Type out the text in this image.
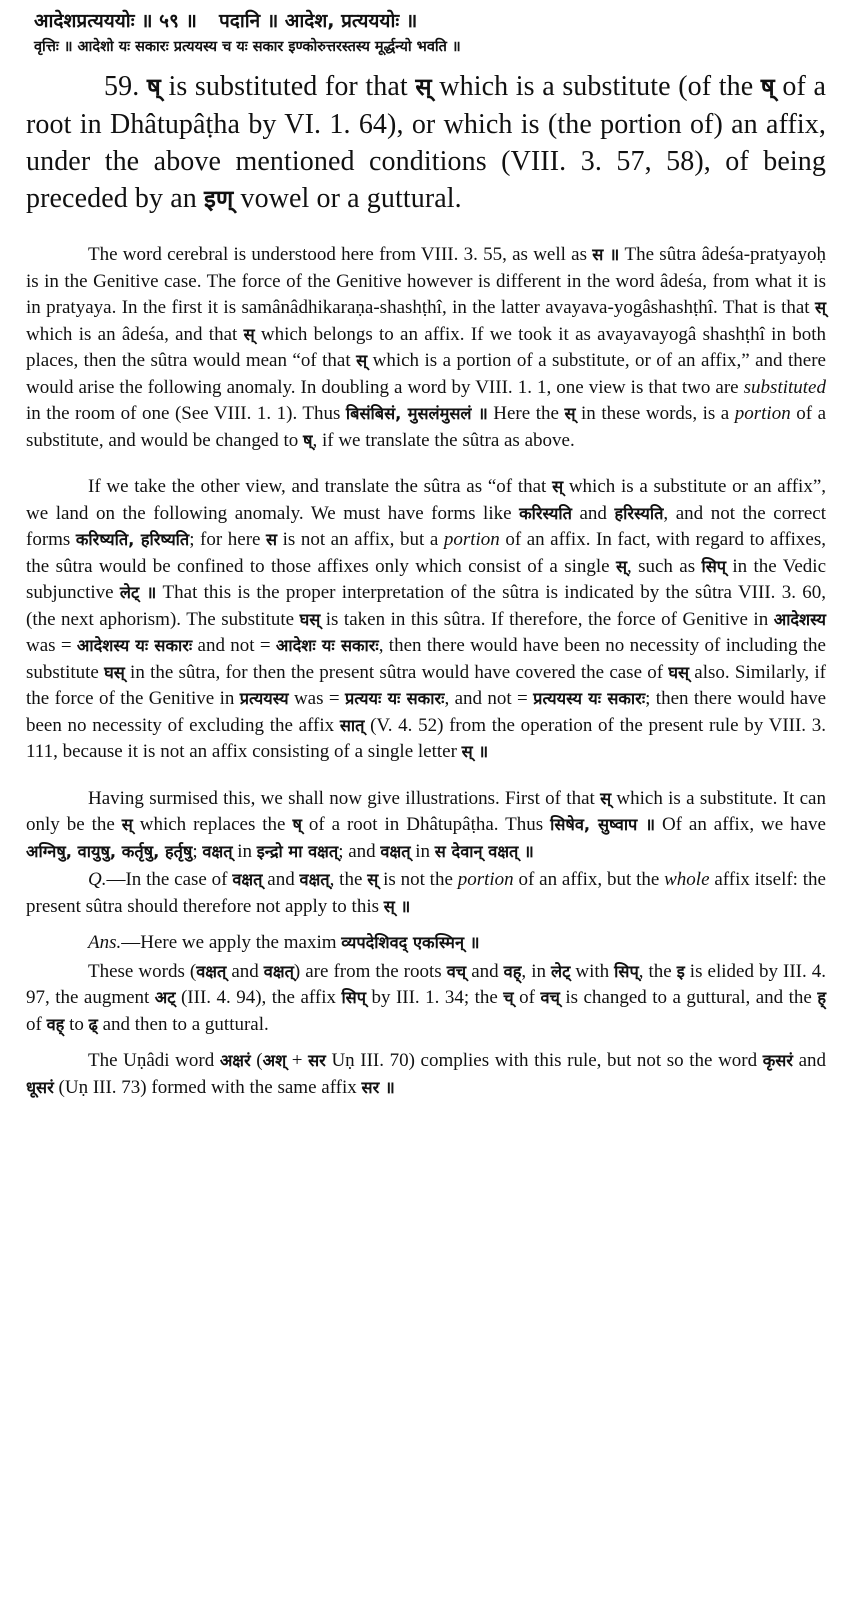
आदेशप्रत्यययोः ॥ ५९ ॥ पदानि ॥ आदेश, प्रत्यययोः ॥
वृत्तिः ॥ आदेशो यः सकारः प्रत्ययस्य च यः सकार इण्कोरुत्तरस्तस्य मूर्द्धन्यो भवति ॥

59. ष् is substituted for that स् which is a substitute (of the ष् of a root in Dhâtupâṭha by VI. 1. 64), or which is (the portion of) an affix, under the above mentioned conditions (VIII. 3. 57, 58), of being preceded by an इण् vowel or a guttural.

The word cerebral is understood here from VIII. 3. 55, as well as स ॥ The sûtra âdeśa-pratyayoḥ is in the Genitive case. The force of the Genitive however is different in the word âdeśa, from what it is in pratyaya. In the first it is samânâdhikaraṇa-shashṭhî, in the latter avayava-yogâshashṭhî. That is that स् which is an âdeśa, and that स् which belongs to an affix. If we took it as avayavayogâ shashṭhî in both places, then the sûtra would mean “of that स् which is a portion of a substitute, or of an affix,” and there would arise the following anomaly. In doubling a word by VIII. 1. 1, one view is that two are substituted in the room of one (See VIII. 1. 1). Thus बिसंबिसं, मुसलंमुसलं ॥ Here the स् in these words, is a portion of a substitute, and would be changed to ष्, if we translate the sûtra as above.

If we take the other view, and translate the sûtra as “of that स् which is a substitute or an affix”, we land on the following anomaly. We must have forms like करिस्यति and हरिस्यति, and not the correct forms करिष्यति, हरिष्यति; for here स is not an affix, but a portion of an affix. In fact, with regard to affixes, the sûtra would be confined to those affixes only which consist of a single स्, such as सिप् in the Vedic subjunctive लेट् ॥ That this is the proper interpretation of the sûtra is indicated by the sûtra VIII. 3. 60, (the next aphorism). The substitute घस् is taken in this sûtra. If therefore, the force of Genitive in आदेशस्य was = आदेशस्य यः सकारः and not = आदेशः यः सकारः, then there would have been no necessity of including the substitute घस् in the sûtra, for then the present sûtra would have covered the case of घस् also. Similarly, if the force of the Genitive in प्रत्ययस्य was = प्रत्ययः यः सकारः, and not = प्रत्ययस्य यः सकारः; then there would have been no necessity of excluding the affix सात् (V. 4. 52) from the operation of the present rule by VIII. 3. 111, because it is not an affix consisting of a single letter स् ॥

Having surmised this, we shall now give illustrations. First of that स् which is a substitute. It can only be the स् which replaces the ष् of a root in Dhâtupâṭha. Thus सिषेव, सुष्वाप ॥ Of an affix, we have अग्निषु, वायुषु, कर्तृषु, हर्तृषु; वक्षत् in इन्द्रो मा वक्षत्; and वक्षत् in स देवान् वक्षत् ॥

Q.—In the case of वक्षत् and वक्षत्, the स् is not the portion of an affix, but the whole affix itself: the present sûtra should therefore not apply to this स् ॥

Ans.—Here we apply the maxim व्यपदेशिवद् एकस्मिन् ॥

These words (वक्षत् and वक्षत्) are from the roots वच् and वह्, in लेट् with सिप्, the इ is elided by III. 4. 97, the augment अट् (III. 4. 94), the affix सिप् by III. 1. 34; the च् of वच् is changed to a guttural, and the ह् of वह् to ढ् and then to a guttural.

The Uṇâdi word अक्षरं (अश् + सर Uṇ III. 70) complies with this rule, but not so the word कृसरं and धूसरं (Uṇ III. 73) formed with the same affix सर ॥
